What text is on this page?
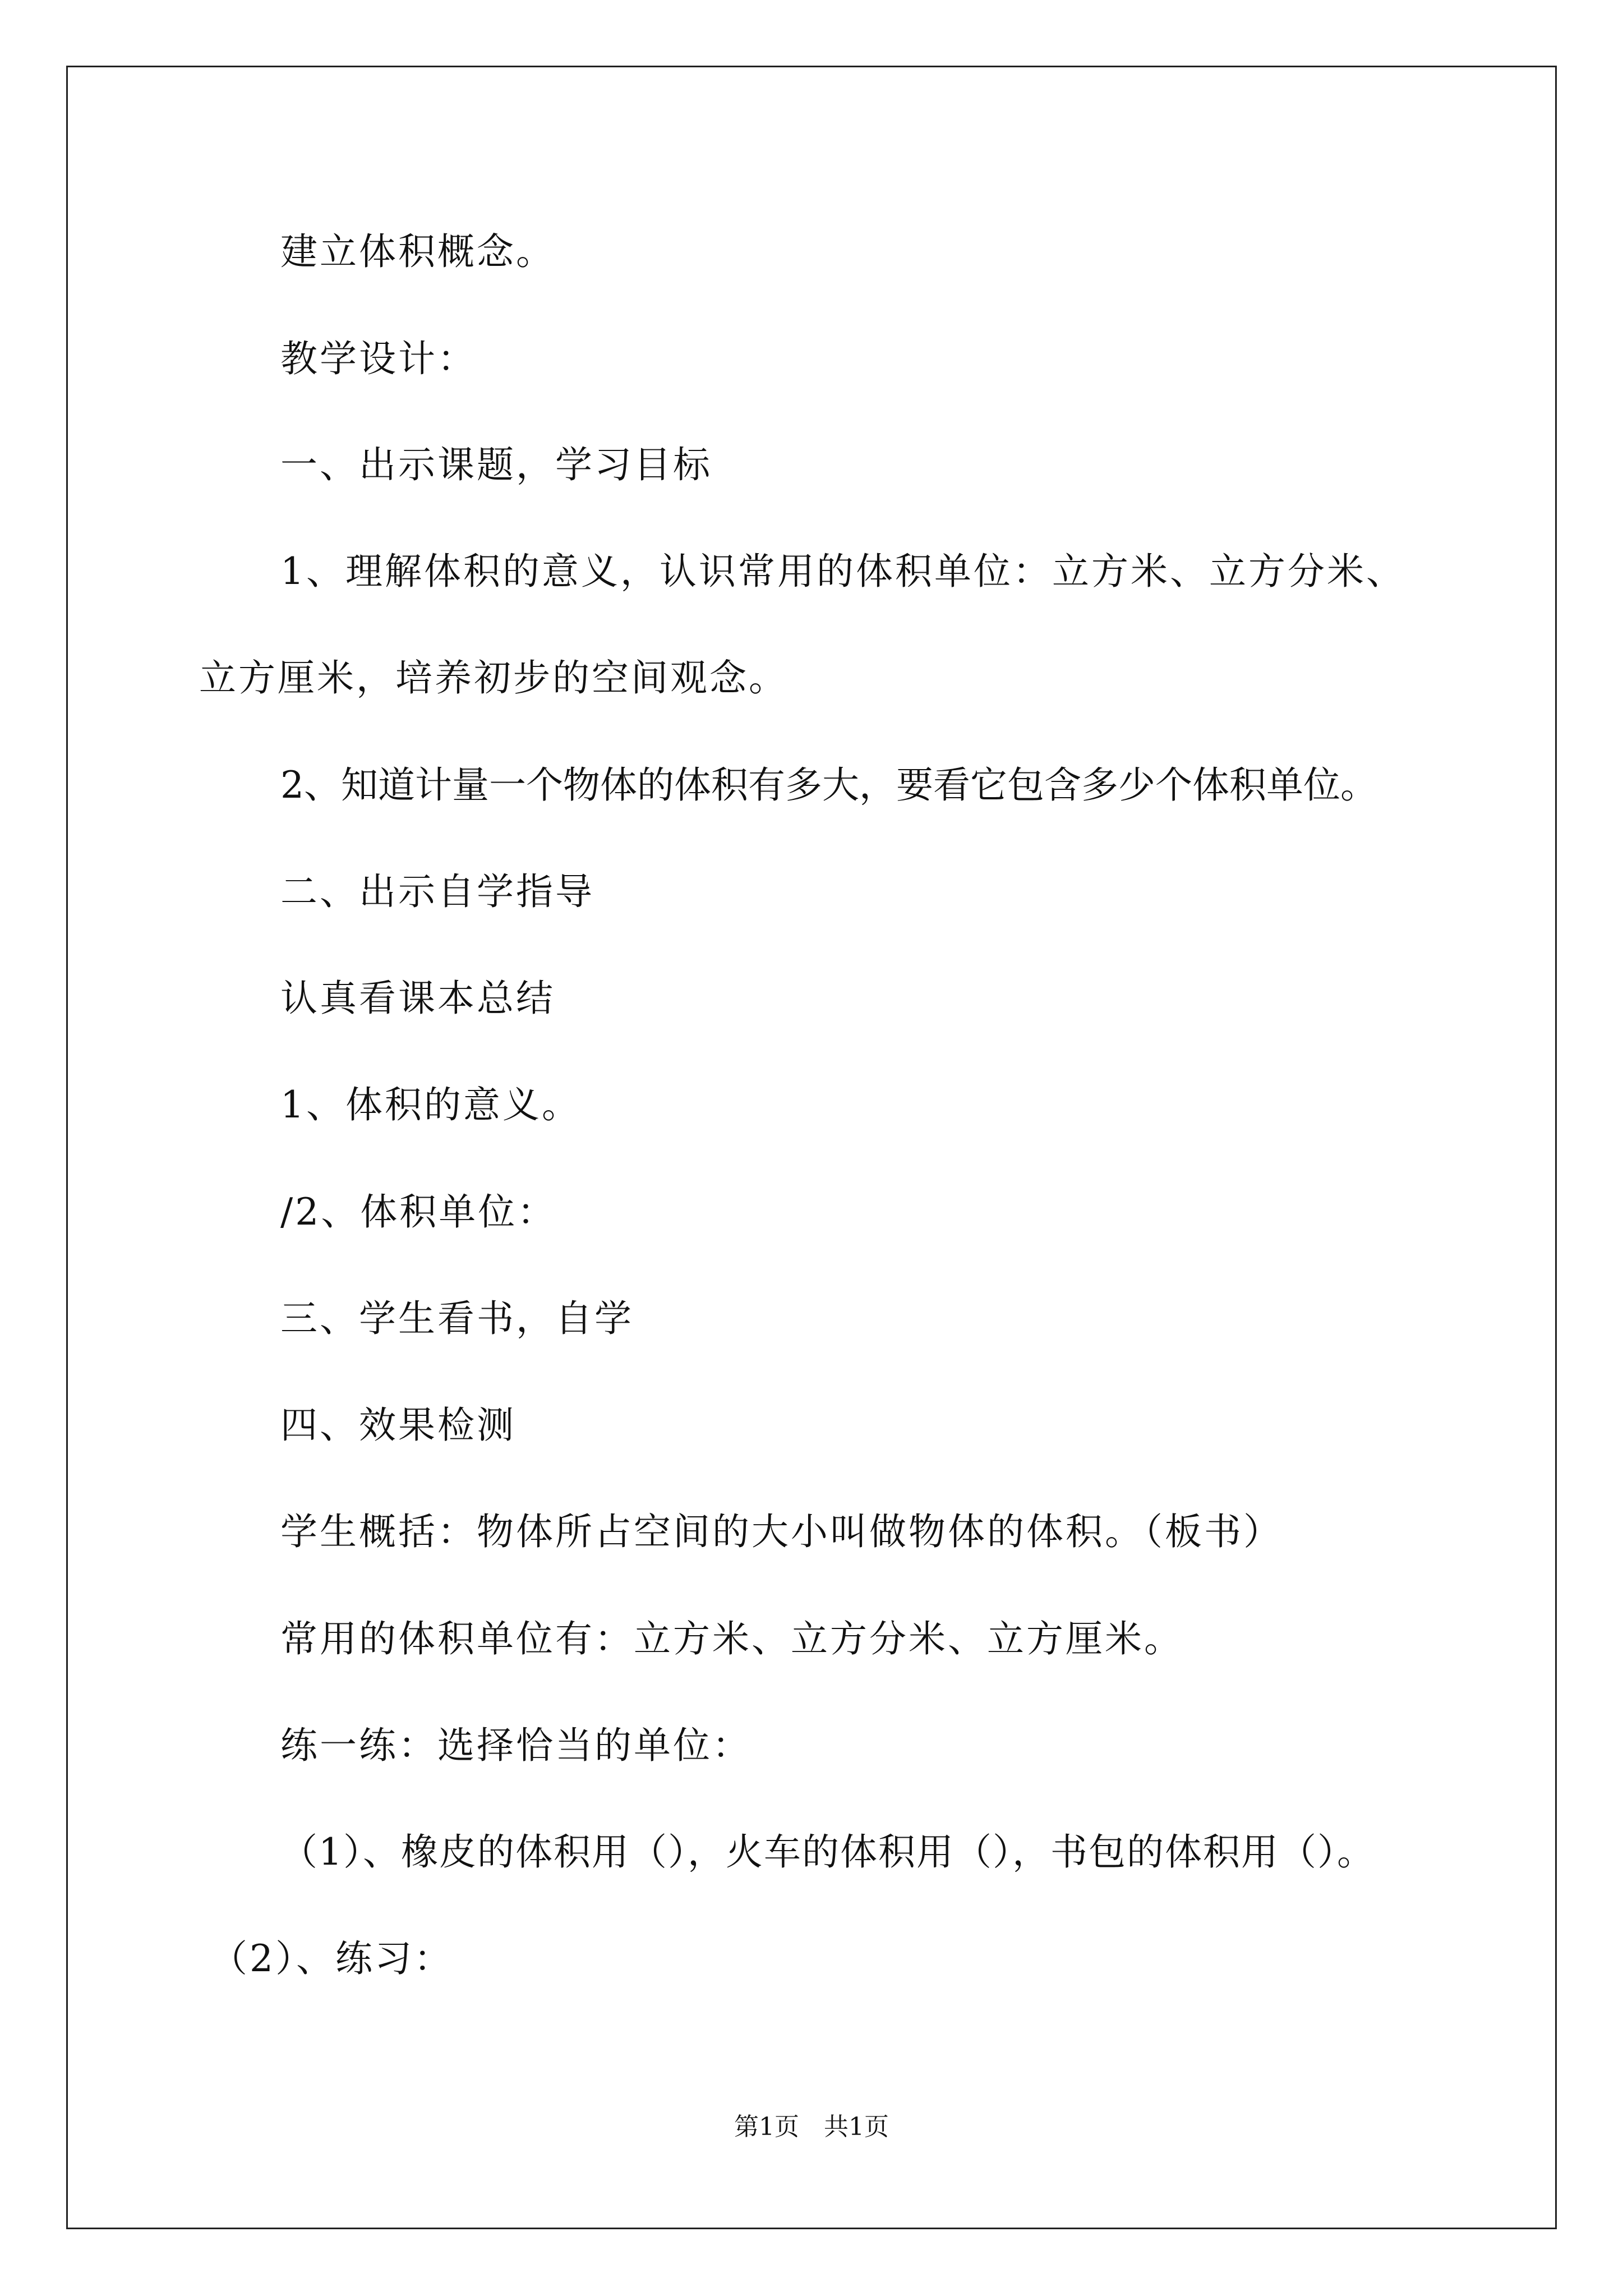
建立体积概念。
教学设计：
一、出示课题，学习目标
1、理解体积的意义，认识常用的体积单位：立方米、立方分米、
立方厘米，培养初步的空间观念。
2、知道计量一个物体的体积有多大，要看它包含多少个体积单位。
二、出示自学指导
认真看课本总结
1、体积的意义。
/2、体积单位：
三、学生看书，自学
四、效果检测
学生概括：物体所占空间的大小叫做物体的体积。（板书）
常用的体积单位有：立方米、立方分米、立方厘米。
练一练：选择恰当的单位：
（1）、橡皮的体积用（），火车的体积用（），书包的体积用（）。
（2）、练习：
第1页　共1页
